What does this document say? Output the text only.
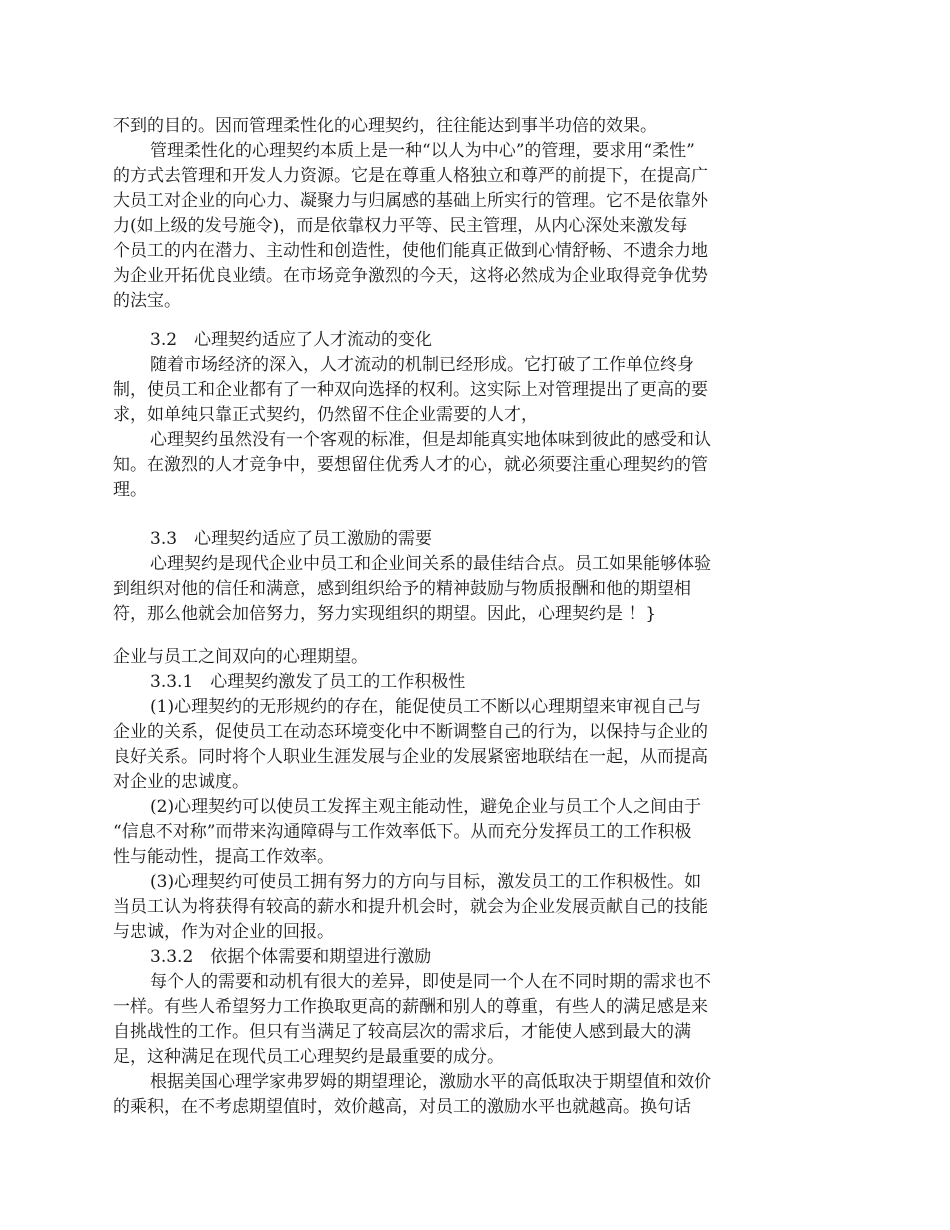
不到的目的。因而管理柔性化的心理契约，往往能达到事半功倍的效果。
管理柔性化的心理契约本质上是一种“以人为中心”的管理，要求用“柔性”
的方式去管理和开发人力资源。它是在尊重人格独立和尊严的前提下，在提高广
大员工对企业的向心力、凝聚力与归属感的基础上所实行的管理。它不是依靠外
力(如上级的发号施令)，而是依靠权力平等、民主管理，从内心深处来激发每
个员工的内在潜力、主动性和创造性，使他们能真正做到心情舒畅、不遗余力地
为企业开拓优良业绩。在市场竞争激烈的今天，这将必然成为企业取得竞争优势
的法宝。
3.2　心理契约适应了人才流动的变化
随着市场经济的深入，人才流动的机制已经形成。它打破了工作单位终身
制，使员工和企业都有了一种双向选择的权利。这实际上对管理提出了更高的要
求，如单纯只靠正式契约，仍然留不住企业需要的人才，
心理契约虽然没有一个客观的标准，但是却能真实地体味到彼此的感受和认
知。在激烈的人才竞争中，要想留住优秀人才的心，就必须要注重心理契约的管
理。
3.3　心理契约适应了员工激励的需要
心理契约是现代企业中员工和企业间关系的最佳结合点。员工如果能够体验
到组织对他的信任和满意，感到组织给予的精神鼓励与物质报酬和他的期望相
符，那么他就会加倍努力，努力实现组织的期望。因此，心理契约是 ！}
企业与员工之间双向的心理期望。
3.3.1　心理契约激发了员工的工作积极性
(1)心理契约的无形规约的存在，能促使员工不断以心理期望来审视自己与
企业的关系，促使员工在动态环境变化中不断调整自己的行为，以保持与企业的
良好关系。同时将个人职业生涯发展与企业的发展紧密地联结在一起，从而提高
对企业的忠诚度。
(2)心理契约可以使员工发挥主观主能动性，避免企业与员工个人之间由于
“信息不对称”而带来沟通障碍与工作效率低下。从而充分发挥员工的工作积极
性与能动性，提高工作效率。
(3)心理契约可使员工拥有努力的方向与目标，激发员工的工作积极性。如
当员工认为将获得有较高的薪水和提升机会时，就会为企业发展贡献自己的技能
与忠诚，作为对企业的回报。
3.3.2　依据个体需要和期望进行激励
每个人的需要和动机有很大的差异，即使是同一个人在不同时期的需求也不
一样。有些人希望努力工作换取更高的薪酬和别人的尊重，有些人的满足感是来
自挑战性的工作。但只有当满足了较高层次的需求后，才能使人感到最大的满
足，这种满足在现代员工心理契约是最重要的成分。
根据美国心理学家弗罗姆的期望理论，激励水平的高低取决于期望值和效价
的乘积，在不考虑期望值时，效价越高，对员工的激励水平也就越高。换句话
